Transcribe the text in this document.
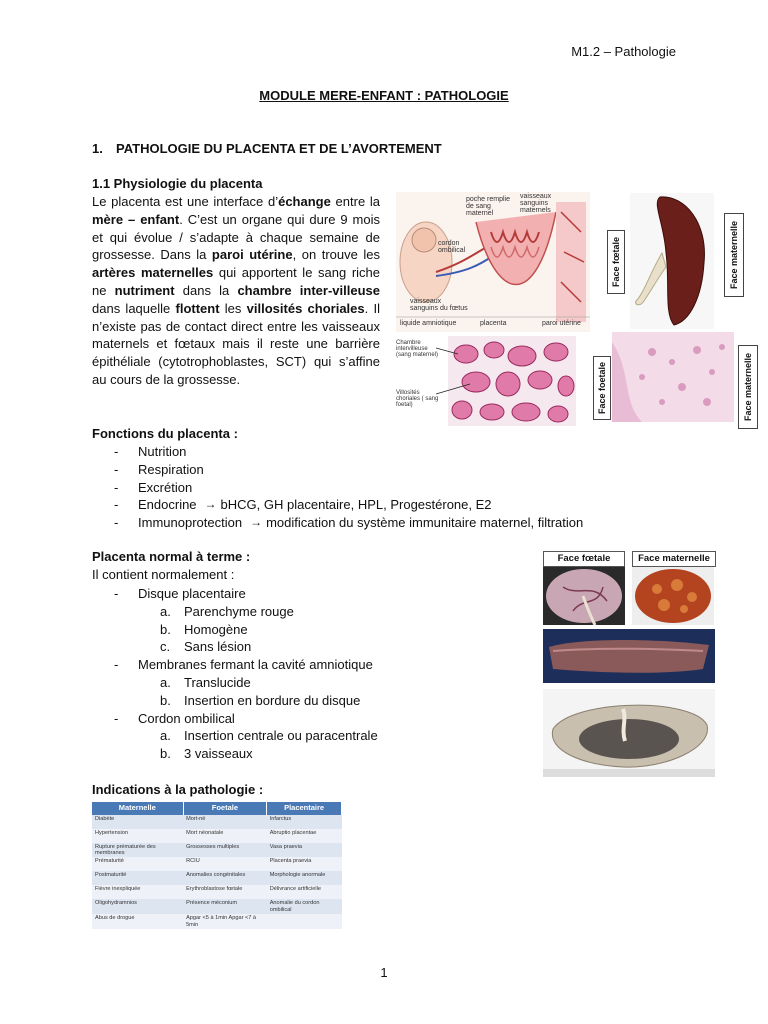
M1.2 – Pathologie
MODULE MERE-ENFANT : PATHOLOGIE
1. PATHOLOGIE DU PLACENTA ET DE L’AVORTEMENT
1.1 Physiologie du placenta
Le placenta est une interface d’échange entre la mère – enfant. C’est un organe qui dure 9 mois et qui évolue / s’adapte à chaque semaine de grossesse. Dans la paroi utérine, on trouve les artères maternelles qui apportent le sang riche ne nutriment dans la chambre inter-villeuse dans laquelle flottent les villosités choriales. Il n’existe pas de contact direct entre les vaisseaux maternels et fœtaux mais il reste une barrière épithéliale (cytotrophoblastes, SCT) qui s’affine au cours de la grossesse.
poche remplie de sang maternel
vaisseaux sanguins maternels
cordon ombilical
vaisseaux sanguins du fœtus
liquide amniotique	placenta	paroi utérine
Chambre intervilleuse (sang maternel)
Villosités choriales ( sang foetal)
Face fœtale	Face maternelle
Face foetale	Face maternelle
Fonctions du placenta :
-	Nutrition
-	Respiration
-	Excrétion
-	Endocrine → bHCG, GH placentaire, HPL, Progestérone, E2
-	Immunoprotection → modification du système immunitaire maternel, filtration
Placenta normal à terme :
Il contient normalement :
-	Disque placentaire
a.	Parenchyme rouge
b.	Homogène
c.	Sans lésion
-	Membranes fermant la cavité amniotique
a.	Translucide
b.	Insertion en bordure du disque
-	Cordon ombilical
a.	Insertion centrale ou paracentrale
b.	3 vaisseaux
Face fœtale	Face maternelle
Indications à la pathologie :
Maternelle	Foetale	Placentaire
Diabète	Mort-né	Infarctus
Hypertension	Mort néonatale	Abruptio placentae
Rupture prématurée des membranes	Grossesses multiples	Vasa praevia
Prématurité	RCIU	Placenta praevia
Postmaturité	Anomalies congénitales	Morphologie anormale
Fièvre inexpliquée	Erythroblastose fœtale	Délivrance artificielle
Oligohydramnios	Présence méconium	Anomalie du cordon ombilical
Abus de drogue	Apgar <5 à 1min Apgar <7 à 5min	
1
